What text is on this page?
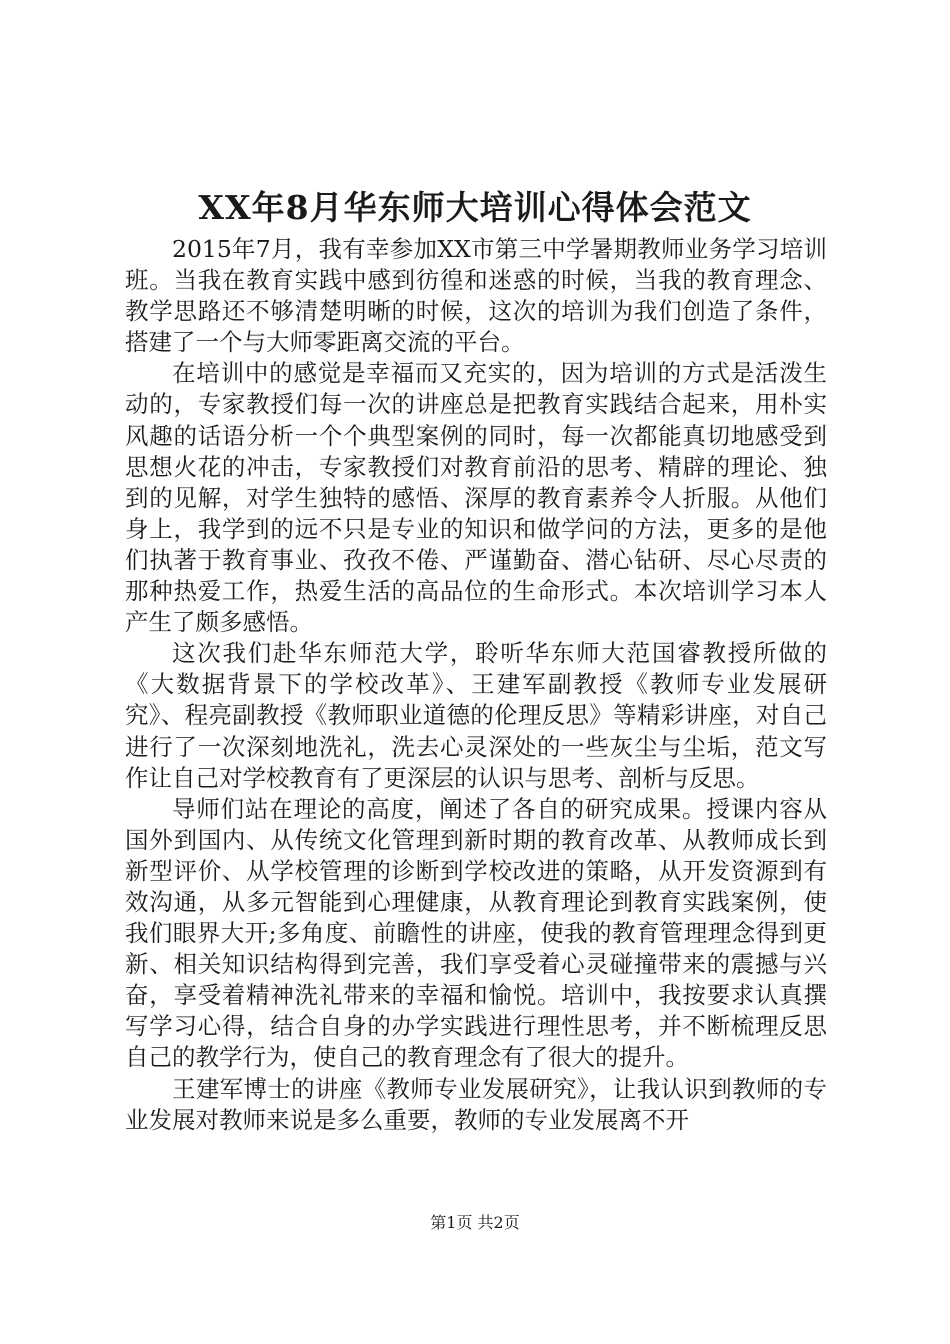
XX年8月华东师大培训心得体会范文

2015年7月，我有幸参加XX市第三中学暑期教师业务学习培训班。当我在教育实践中感到彷徨和迷惑的时候，当我的教育理念、教学思路还不够清楚明晰的时候，这次的培训为我们创造了条件，搭建了一个与大师零距离交流的平台。

在培训中的感觉是幸福而又充实的，因为培训的方式是活泼生动的，专家教授们每一次的讲座总是把教育实践结合起来，用朴实风趣的话语分析一个个典型案例的同时，每一次都能真切地感受到思想火花的冲击，专家教授们对教育前沿的思考、精辟的理论、独到的见解，对学生独特的感悟、深厚的教育素养令人折服。从他们身上，我学到的远不只是专业的知识和做学问的方法，更多的是他们执著于教育事业、孜孜不倦、严谨勤奋、潜心钻研、尽心尽责的那种热爱工作，热爱生活的高品位的生命形式。本次培训学习本人产生了颇多感悟。

这次我们赴华东师范大学，聆听华东师大范国睿教授所做的《大数据背景下的学校改革》、王建军副教授《教师专业发展研究》、程亮副教授《教师职业道德的伦理反思》等精彩讲座，对自己进行了一次深刻地洗礼，洗去心灵深处的一些灰尘与尘垢，范文写作让自己对学校教育有了更深层的认识与思考、剖析与反思。

导师们站在理论的高度，阐述了各自的研究成果。授课内容从国外到国内、从传统文化管理到新时期的教育改革、从教师成长到新型评价、从学校管理的诊断到学校改进的策略，从开发资源到有效沟通，从多元智能到心理健康，从教育理论到教育实践案例，使我们眼界大开;多角度、前瞻性的讲座，使我的教育管理理念得到更新、相关知识结构得到完善，我们享受着心灵碰撞带来的震撼与兴奋，享受着精神洗礼带来的幸福和愉悦。培训中，我按要求认真撰写学习心得，结合自身的办学实践进行理性思考，并不断梳理反思自己的教学行为，使自己的教育理念有了很大的提升。

王建军博士的讲座《教师专业发展研究》，让我认识到教师的专业发展对教师来说是多么重要，教师的专业发展离不开

第1页 共2页
